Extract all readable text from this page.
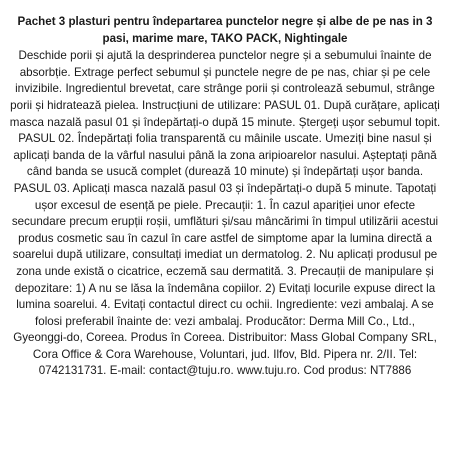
Pachet 3 plasturi pentru îndepartarea punctelor negre și albe de pe nas in 3 pasi, marime mare, TAKO PACK, Nightingale

Deschide porii și ajută la desprinderea punctelor negre și a sebumului înainte de absorbție. Extrage perfect sebumul și punctele negre de pe nas, chiar și pe cele invizibile. Ingredientul brevetat, care strânge porii și controlează sebumul, strânge porii și hidratează pielea. Instrucțiuni de utilizare: PASUL 01. După curățare, aplicați masca nazală pasul 01 și îndepărtați-o după 15 minute. Ștergeți ușor sebumul topit. PASUL 02. Îndepărtați folia transparentă cu mâinile uscate. Umeziți bine nasul și aplicați banda de la vârful nasului până la zona aripioarelor nasului. Așteptați până când banda se usucă complet (durează 10 minute) și îndepărtați ușor banda. PASUL 03. Aplicați masca nazală pasul 03 și îndepărtați-o după 5 minute. Tapotați ușor excesul de esență pe piele. Precauții: 1. În cazul apariției unor efecte secundare precum erupții roșii, umflături și/sau mâncărimi în timpul utilizării acestui produs cosmetic sau în cazul în care astfel de simptome apar la lumina directă a soarelui după utilizare, consultați imediat un dermatolog. 2. Nu aplicați produsul pe zona unde există o cicatrice, eczemă sau dermatită. 3. Precauții de manipulare și depozitare: 1) A nu se lăsa la îndemâna copiilor. 2) Evitați locurile expuse direct la lumina soarelui. 4. Evitați contactul direct cu ochii. Ingrediente: vezi ambalaj. A se folosi preferabil înainte de: vezi ambalaj. Producător: Derma Mill Co., Ltd., Gyeonggi-do, Coreea. Produs în Coreea. Distribuitor: Mass Global Company SRL, Cora Office & Cora Warehouse, Voluntari, jud. Ilfov, Bld. Pipera nr. 2/II. Tel: 0742131731. E-mail: contact@tuju.ro. www.tuju.ro. Cod produs: NT7886
